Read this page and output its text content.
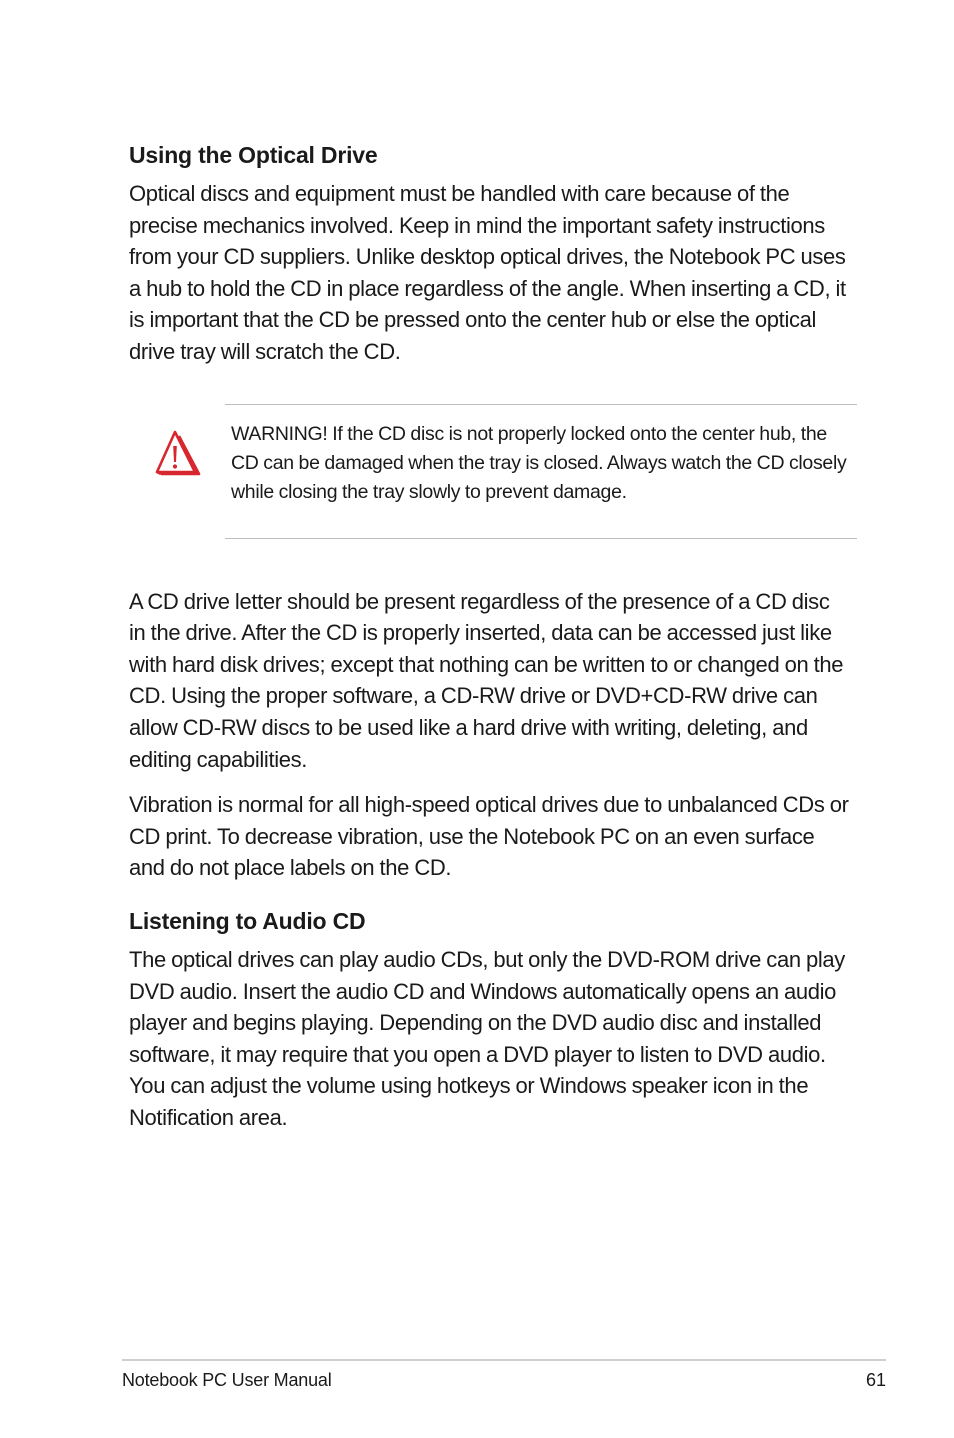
Using the Optical Drive

Optical discs and equipment must be handled with care because of the precise mechanics involved. Keep in mind the important safety instructions from your CD suppliers. Unlike desktop optical drives, the Notebook PC uses a hub to hold the CD in place regardless of the angle. When inserting a CD, it is important that the CD be pressed onto the center hub or else the optical drive tray will scratch the CD.

WARNING! If the CD disc is not properly locked onto the center hub, the CD can be damaged when the tray is closed. Always watch the CD closely while closing the tray slowly to prevent damage.

A CD drive letter should be present regardless of the presence of a CD disc in the drive. After the CD is properly inserted, data can be accessed just like with hard disk drives; except that nothing can be written to or changed on the CD. Using the proper software, a CD-RW drive or DVD+CD-RW drive can allow CD-RW discs to be used like a hard drive with writing, deleting, and editing capabilities.

Vibration is normal for all high-speed optical drives due to unbalanced CDs or CD print. To decrease vibration, use the Notebook PC on an even surface and do not place labels on the CD.

Listening to Audio CD

The optical drives can play audio CDs, but only the DVD-ROM drive can play DVD audio. Insert the audio CD and Windows automatically opens an audio player and begins playing. Depending on the DVD audio disc and installed software, it may require that you open a DVD player to listen to DVD audio. You can adjust the volume using hotkeys or Windows speaker icon in the Notification area.

Notebook PC User Manual	61
